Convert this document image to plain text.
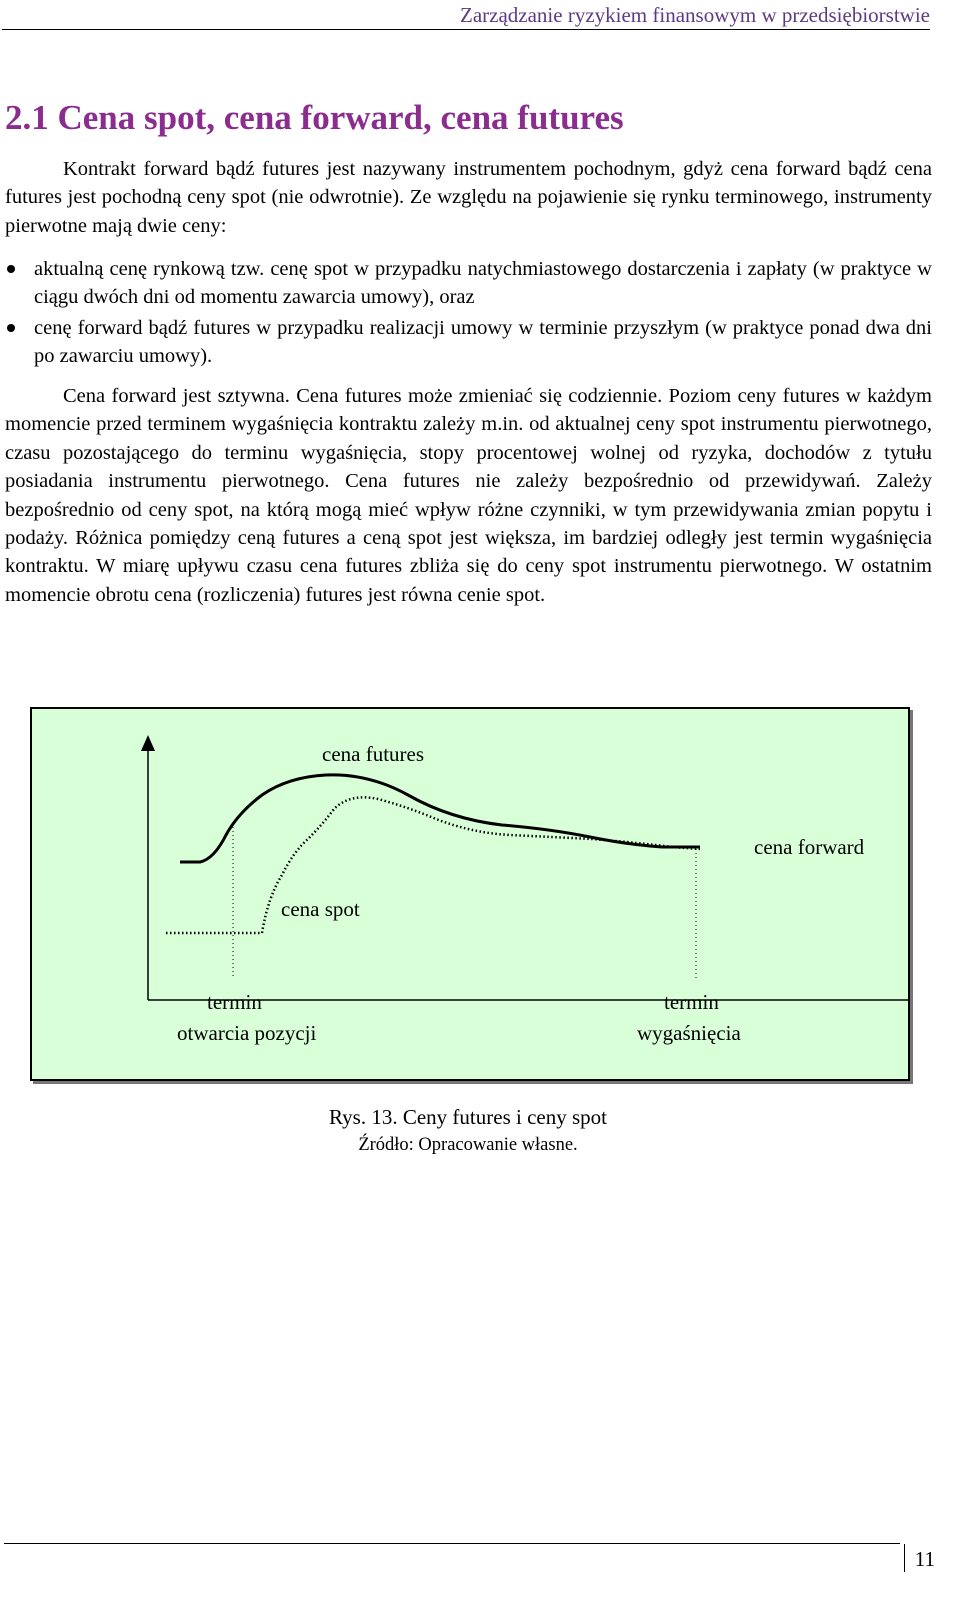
Zarządzanie ryzykiem finansowym w przedsiębiorstwie
2.1 Cena spot, cena forward, cena futures

Kontrakt forward bądź futures jest nazywany instrumentem pochodnym, gdyż cena forward bądź cena futures jest pochodną ceny spot (nie odwrotnie). Ze względu na pojawienie się rynku terminowego, instrumenty pierwotne mają dwie ceny:

aktualną cenę rynkową tzw. cenę spot w przypadku natychmiastowego dostarczenia i zapłaty (w praktyce w ciągu dwóch dni od momentu zawarcia umowy), oraz
cenę forward bądź futures w przypadku realizacji umowy w terminie przyszłym (w praktyce ponad dwa dni po zawarciu umowy).

Cena forward jest sztywna. Cena futures może zmieniać się codziennie. Poziom ceny futures w każdym momencie przed terminem wygaśnięcia kontraktu zależy m.in. od aktualnej ceny spot instrumentu pierwotnego, czasu pozostającego do terminu wygaśnięcia, stopy procentowej wolnej od ryzyka, dochodów z tytułu posiadania instrumentu pierwotnego. Cena futures nie zależy bezpośrednio od przewidywań. Zależy bezpośrednio od ceny spot, na którą mogą mieć wpływ różne czynniki, w tym przewidywania zmian popytu i podaży. Różnica pomiędzy ceną futures a ceną spot jest większa, im bardziej odległy jest termin wygaśnięcia kontraktu. W miarę upływu czasu cena futures zbliża się do ceny spot instrumentu pierwotnego. W ostatnim momencie obrotu cena (rozliczenia) futures jest równa cenie spot.

cena futures
cena forward
cena spot
termin
otwarcia pozycji
termin
wygaśnięcia

Rys. 13. Ceny futures i ceny spot

Źródło: Opracowanie własne.

11
